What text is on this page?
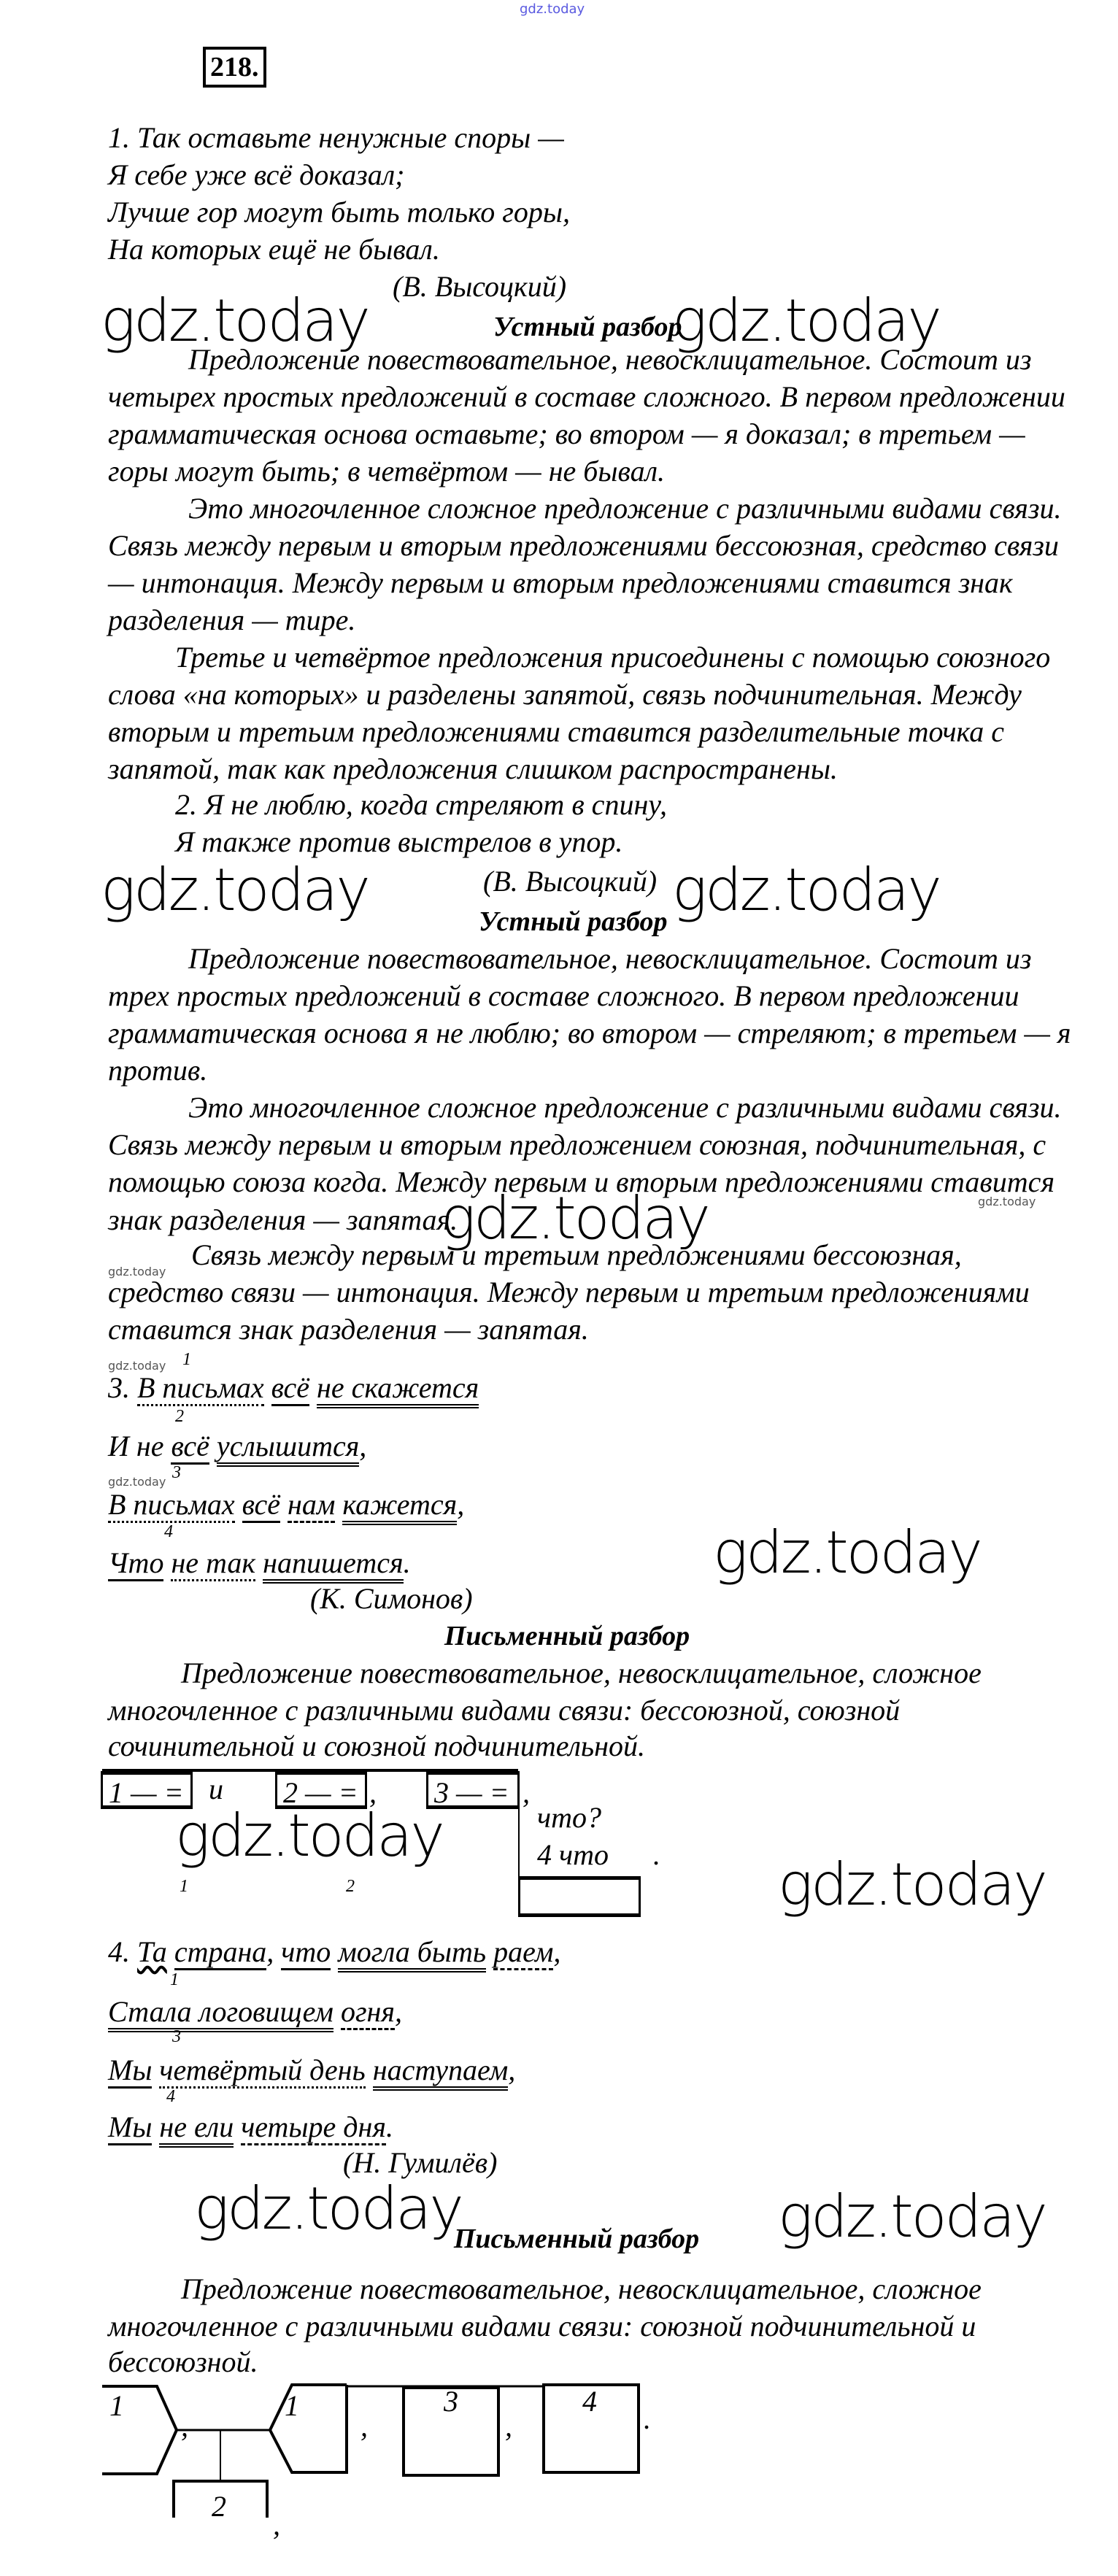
gdz.today
218.
1. Так оставьте ненужные споры —
Я себе уже всё доказал;
Лучше гор могут быть только горы,
На которых ещё не бывал.
(В. Высоцкий)
gdz.today	Устный разбор
gdz.today
Предложение повествовательное, невосклицательное. Состоит из
четырех простых предложений в составе сложного. В первом предложении
грамматическая основа оставьте; во втором — я доказал; в третьем —
горы могут быть; в четвёртом — не бывал.
Это многочленное сложное предложение с различными видами связи.
Связь между первым и вторым предложениями бессоюзная, средство связи
— интонация. Между первым и вторым предложениями ставится знак
разделения — тире.
Третье и четвёртое предложения присоединены с помощью союзного
слова «на которых» и разделены запятой, связь подчинительная. Между
вторым и третьим предложениями ставится разделительные точка с
запятой, так как предложения слишком распространены.
2. Я не люблю, когда стреляют в спину,
Я также против выстрелов в упор.
gdz.today	(В. Высоцкий) gdz.today
Устный разбор
Предложение повествовательное, невосклицательное. Состоит из
трех простых предложений в составе сложного. В первом предложении
грамматическая основа я не люблю; во втором — стреляют; в третьем — я
против.
Это многочленное сложное предложение с различными видами связи.
Связь между первым и вторым предложением союзная, подчинительная, с
помощью союза когда. Между первым и вторым предложениями ставится
gdz.today
знак разделения — запятая.
gdz.today
gdz.today
Связь между первым и третьим предложениями бессоюзная,
средство связи — интонация. Между первым и третьим предложениями
ставится знак разделения — запятая.
1
gdz.today
3. В письмах всё не скажется
2
И не всё услышится,
3
gdz.today
В письмах всё нам кажется,
4
Что не так напишется.	gdz.today
(К. Симонов)
Письменный разбор
Предложение повествовательное, невосклицательное, сложное
многочленное с различными видами связи: бессоюзной, союзной
сочинительной и союзной подчинительной.
1 — = и 2 — = , 3 — = ,
что?
4 что .
1	2
gdz.today
gdz.today
4. Та страна, что могла быть раем,
1
Стала логовищем огня,
3
Мы четвёртый день наступаем,
4
Мы не ели четыре дня.
(Н. Гумилёв)
gdz.today	gdz.today
Письменный разбор
Предложение повествовательное, невосклицательное, сложное
многочленное с различными видами связи: союзной подчинительной и
бессоюзной.
1
,
1
,
3
,
4
.
2
,
